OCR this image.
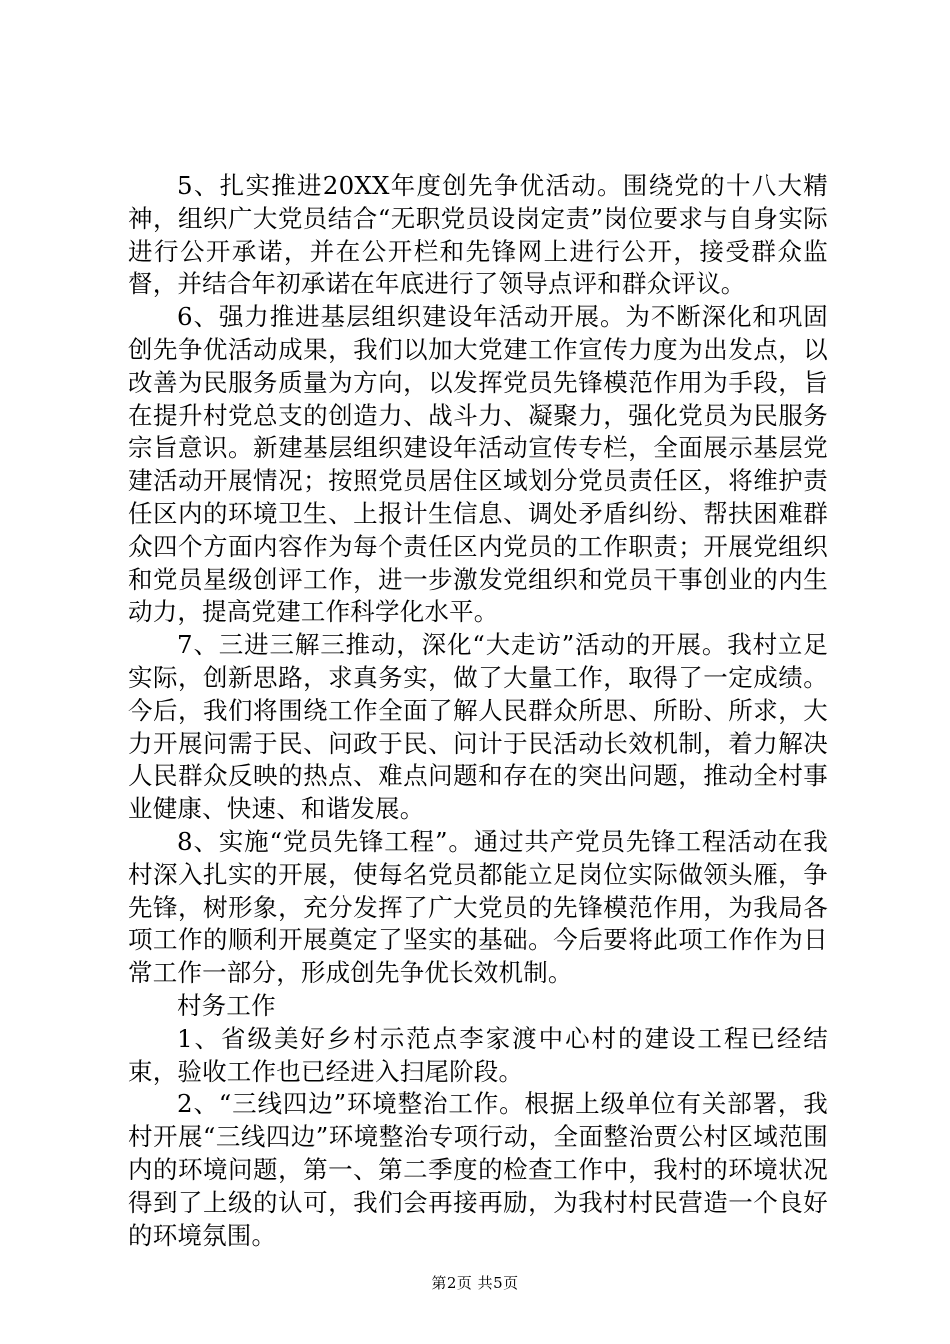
5、扎实推进20XX年度创先争优活动。围绕党的十八大精神，组织广大党员结合“无职党员设岗定责”岗位要求与自身实际进行公开承诺，并在公开栏和先锋网上进行公开，接受群众监督，并结合年初承诺在年底进行了领导点评和群众评议。

6、强力推进基层组织建设年活动开展。为不断深化和巩固创先争优活动成果，我们以加大党建工作宣传力度为出发点，以改善为民服务质量为方向，以发挥党员先锋模范作用为手段，旨在提升村党总支的创造力、战斗力、凝聚力，强化党员为民服务宗旨意识。新建基层组织建设年活动宣传专栏，全面展示基层党建活动开展情况；按照党员居住区域划分党员责任区，将维护责任区内的环境卫生、上报计生信息、调处矛盾纠纷、帮扶困难群众四个方面内容作为每个责任区内党员的工作职责；开展党组织和党员星级创评工作，进一步激发党组织和党员干事创业的内生动力，提高党建工作科学化水平。

7、三进三解三推动，深化“大走访”活动的开展。我村立足实际，创新思路，求真务实，做了大量工作，取得了一定成绩。今后，我们将围绕工作全面了解人民群众所思、所盼、所求，大力开展问需于民、问政于民、问计于民活动长效机制，着力解决人民群众反映的热点、难点问题和存在的突出问题，推动全村事业健康、快速、和谐发展。

8、实施“党员先锋工程”。通过共产党员先锋工程活动在我村深入扎实的开展，使每名党员都能立足岗位实际做领头雁，争先锋，树形象，充分发挥了广大党员的先锋模范作用，为我局各项工作的顺利开展奠定了坚实的基础。今后要将此项工作作为日常工作一部分，形成创先争优长效机制。

村务工作

1、省级美好乡村示范点李家渡中心村的建设工程已经结束，验收工作也已经进入扫尾阶段。

2、“三线四边”环境整治工作。根据上级单位有关部署，我村开展“三线四边”环境整治专项行动，全面整治贾公村区域范围内的环境问题，第一、第二季度的检查工作中，我村的环境状况得到了上级的认可，我们会再接再励，为我村村民营造一个良好的环境氛围。

第2页 共5页
